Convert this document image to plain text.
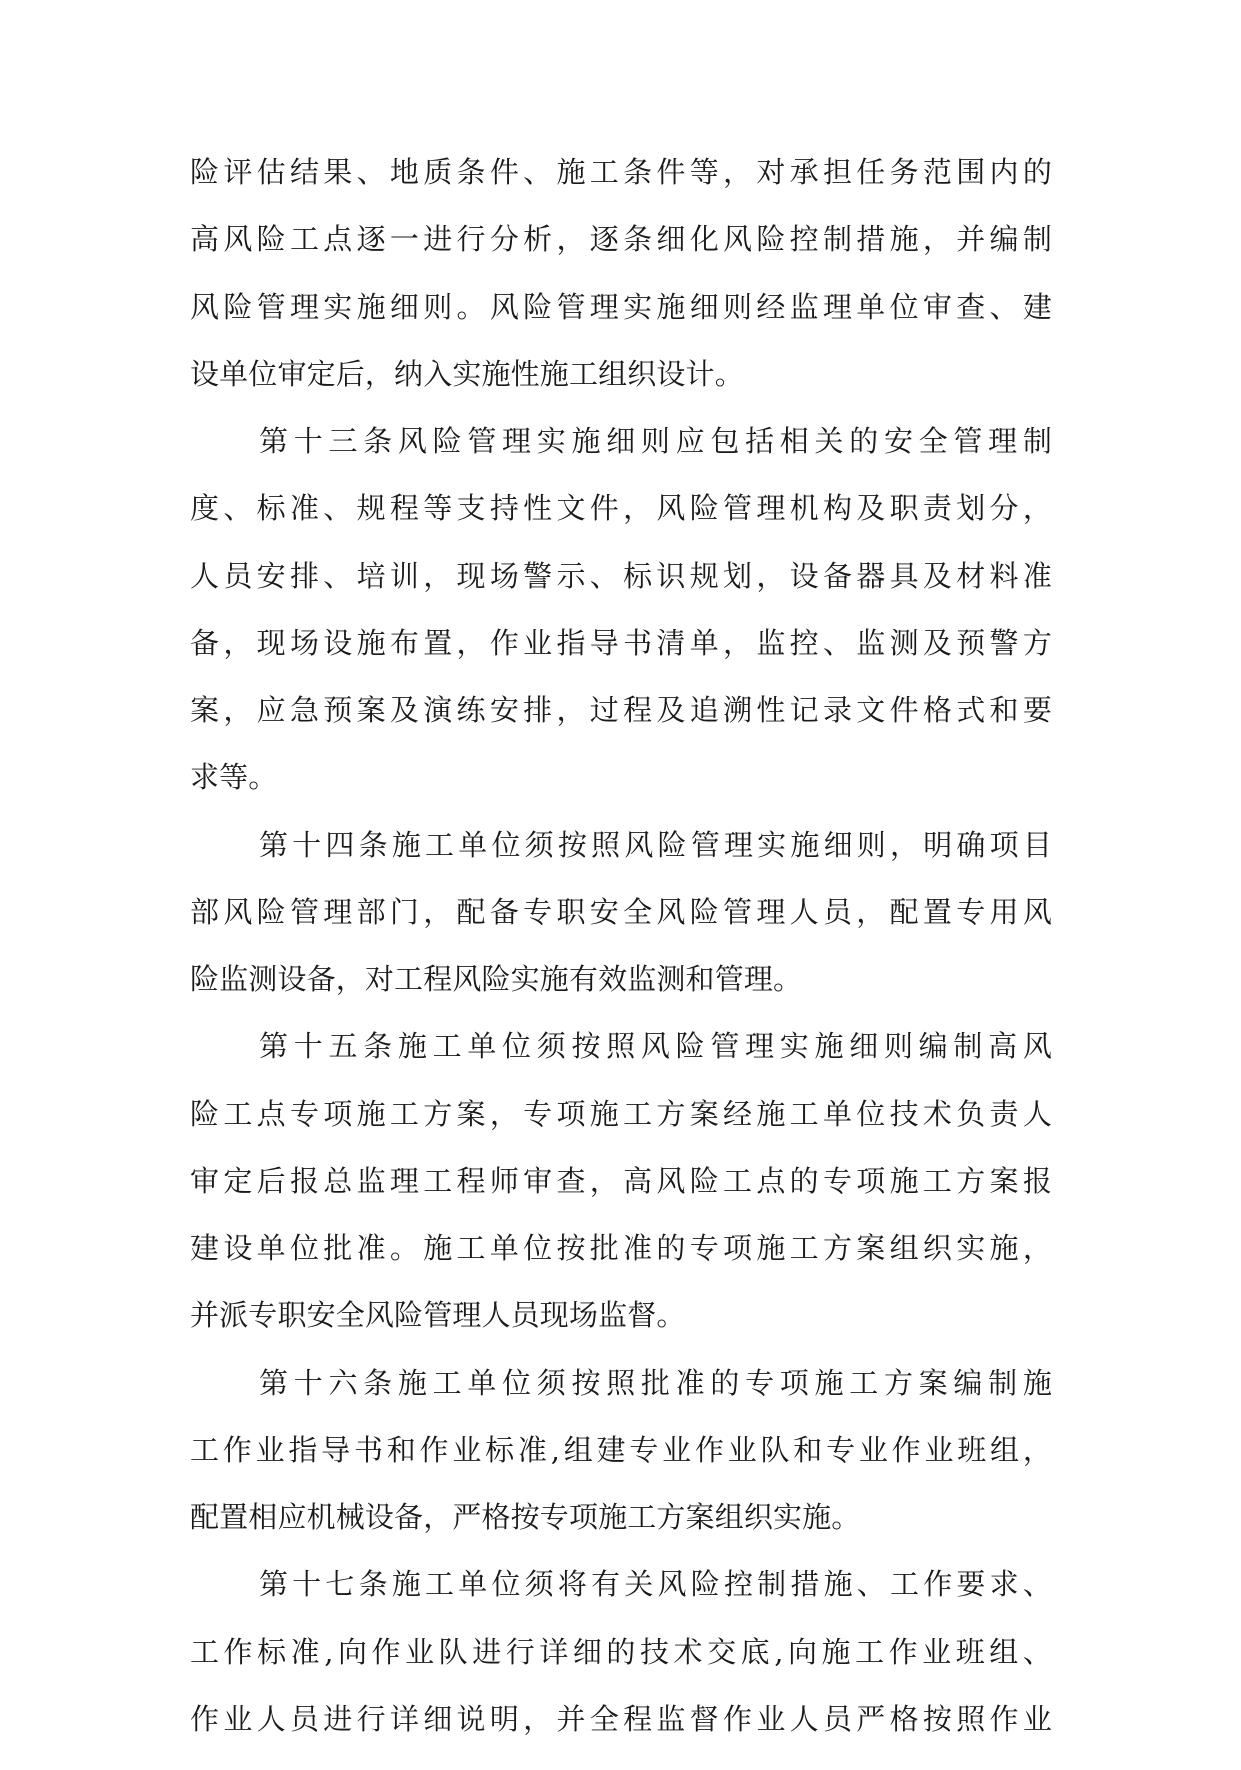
险评估结果、地质条件、施工条件等，对承担任务范围内的
高风险工点逐一进行分析，逐条细化风险控制措施，并编制
风险管理实施细则。风险管理实施细则经监理单位审查、建
设单位审定后，纳入实施性施工组织设计。
第十三条风险管理实施细则应包括相关的安全管理制
度、标准、规程等支持性文件，风险管理机构及职责划分，
人员安排、培训，现场警示、标识规划，设备器具及材料准
备，现场设施布置，作业指导书清单，监控、监测及预警方
案，应急预案及演练安排，过程及追溯性记录文件格式和要
求等。
第十四条施工单位须按照风险管理实施细则，明确项目
部风险管理部门，配备专职安全风险管理人员，配置专用风
险监测设备，对工程风险实施有效监测和管理。
第十五条施工单位须按照风险管理实施细则编制高风
险工点专项施工方案，专项施工方案经施工单位技术负责人
审定后报总监理工程师审查，高风险工点的专项施工方案报
建设单位批准。施工单位按批准的专项施工方案组织实施，
并派专职安全风险管理人员现场监督。
第十六条施工单位须按照批准的专项施工方案编制施
工作业指导书和作业标准,组建专业作业队和专业作业班组，
配置相应机械设备，严格按专项施工方案组织实施。
第十七条施工单位须将有关风险控制措施、工作要求、
工作标准,向作业队进行详细的技术交底,向施工作业班组、
作业人员进行详细说明，并全程监督作业人员严格按照作业
